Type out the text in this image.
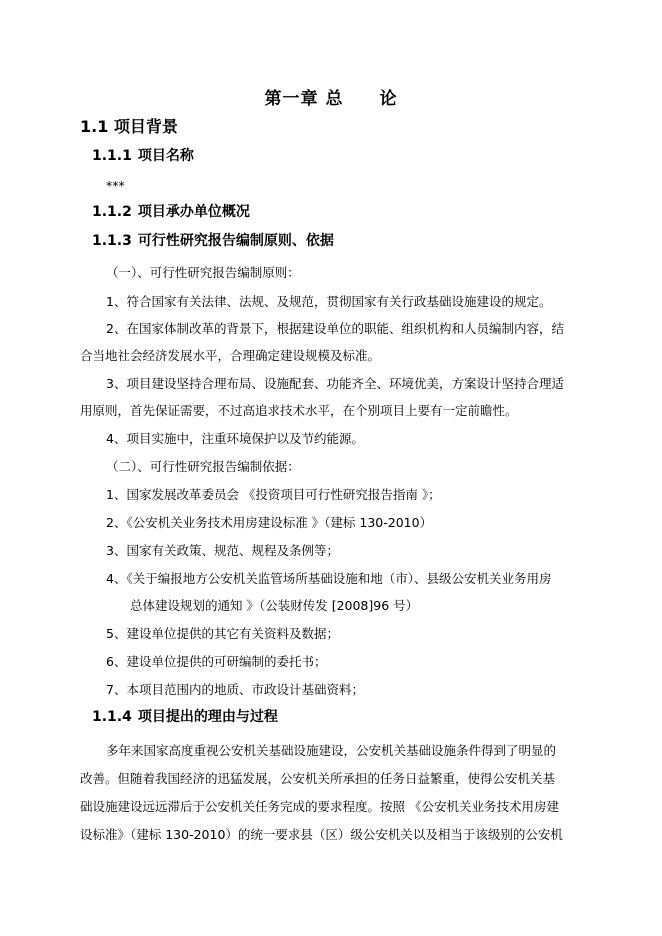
第一章 总　　论
1.1 项目背景
1.1.1 项目名称
***
1.1.2 项目承办单位概况
1.1.3 可行性研究报告编制原则、依据
（一）、可行性研究报告编制原则：
1、符合国家有关法律、法规、及规范，贯彻国家有关行政基础设施建设的规定。
2、在国家体制改革的背景下，根据建设单位的职能、组织机构和人员编制内容，结
合当地社会经济发展水平，合理确定建设规模及标准。
3、项目建设坚持合理布局、设施配套、功能齐全、环境优美，方案设计坚持合理适
用原则，首先保证需要，不过高追求技术水平，在个别项目上要有一定前瞻性。
4、项目实施中，注重环境保护以及节约能源。
（二）、可行性研究报告编制依据：
1、国家发展改革委员会 《投资项目可行性研究报告指南 》；
2、《公安机关业务技术用房建设标准 》（建标 130-2010）
3、国家有关政策、规范、规程及条例等；
4、《关于编报地方公安机关监管场所基础设施和地（市）、县级公安机关业务用房
总体建设规划的通知 》（公装财传发 [2008]96 号）
5、建设单位提供的其它有关资料及数据；
6、建设单位提供的可研编制的委托书；
7、本项目范围内的地质、市政设计基础资料；
1.1.4 项目提出的理由与过程
多年来国家高度重视公安机关基础设施建设，公安机关基础设施条件得到了明显的
改善。但随着我国经济的迅猛发展，公安机关所承担的任务日益繁重，使得公安机关基
础设施建设远远滞后于公安机关任务完成的要求程度。按照 《公安机关业务技术用房建
设标准》（建标 130-2010）的统一要求县（区）级公安机关以及相当于该级别的公安机
